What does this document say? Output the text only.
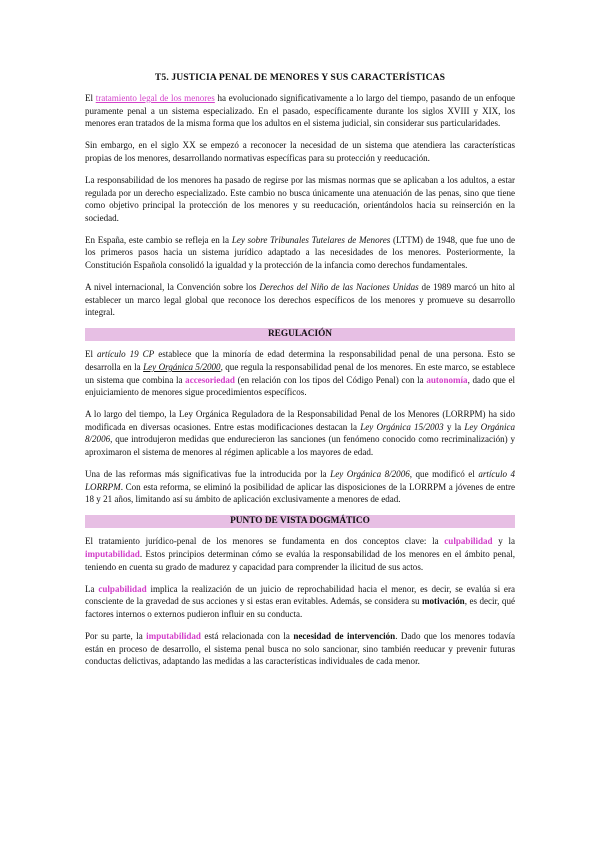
T5. JUSTICIA PENAL DE MENORES Y SUS CARACTERÍSTICAS

El tratamiento legal de los menores ha evolucionado significativamente a lo largo del tiempo, pasando de un enfoque puramente penal a un sistema especializado. En el pasado, específicamente durante los siglos XVIII y XIX, los menores eran tratados de la misma forma que los adultos en el sistema judicial, sin considerar sus particularidades.

Sin embargo, en el siglo XX se empezó a reconocer la necesidad de un sistema que atendiera las características propias de los menores, desarrollando normativas específicas para su protección y reeducación.

La responsabilidad de los menores ha pasado de regirse por las mismas normas que se aplicaban a los adultos, a estar regulada por un derecho especializado. Este cambio no busca únicamente una atenuación de las penas, sino que tiene como objetivo principal la protección de los menores y su reeducación, orientándolos hacia su reinserción en la sociedad.

En España, este cambio se refleja en la Ley sobre Tribunales Tutelares de Menores (LTTM) de 1948, que fue uno de los primeros pasos hacia un sistema jurídico adaptado a las necesidades de los menores. Posteriormente, la Constitución Española consolidó la igualdad y la protección de la infancia como derechos fundamentales.

A nivel internacional, la Convención sobre los Derechos del Niño de las Naciones Unidas de 1989 marcó un hito al establecer un marco legal global que reconoce los derechos específicos de los menores y promueve su desarrollo integral.

REGULACIÓN

El artículo 19 CP establece que la minoría de edad determina la responsabilidad penal de una persona. Esto se desarrolla en la Ley Orgánica 5/2000, que regula la responsabilidad penal de los menores. En este marco, se establece un sistema que combina la accesoriedad (en relación con los tipos del Código Penal) con la autonomía, dado que el enjuiciamiento de menores sigue procedimientos específicos.

A lo largo del tiempo, la Ley Orgánica Reguladora de la Responsabilidad Penal de los Menores (LORRPM) ha sido modificada en diversas ocasiones. Entre estas modificaciones destacan la Ley Orgánica 15/2003 y la Ley Orgánica 8/2006, que introdujeron medidas que endurecieron las sanciones (un fenómeno conocido como recriminalización) y aproximaron el sistema de menores al régimen aplicable a los mayores de edad.

Una de las reformas más significativas fue la introducida por la Ley Orgánica 8/2006, que modificó el artículo 4 LORRPM. Con esta reforma, se eliminó la posibilidad de aplicar las disposiciones de la LORRPM a jóvenes de entre 18 y 21 años, limitando así su ámbito de aplicación exclusivamente a menores de edad.

PUNTO DE VISTA DOGMÁTICO

El tratamiento jurídico-penal de los menores se fundamenta en dos conceptos clave: la culpabilidad y la imputabilidad. Estos principios determinan cómo se evalúa la responsabilidad de los menores en el ámbito penal, teniendo en cuenta su grado de madurez y capacidad para comprender la ilicitud de sus actos.

La culpabilidad implica la realización de un juicio de reprochabilidad hacia el menor, es decir, se evalúa si era consciente de la gravedad de sus acciones y si estas eran evitables. Además, se considera su motivación, es decir, qué factores internos o externos pudieron influir en su conducta.

Por su parte, la imputabilidad está relacionada con la necesidad de intervención. Dado que los menores todavía están en proceso de desarrollo, el sistema penal busca no solo sancionar, sino también reeducar y prevenir futuras conductas delictivas, adaptando las medidas a las características individuales de cada menor.
